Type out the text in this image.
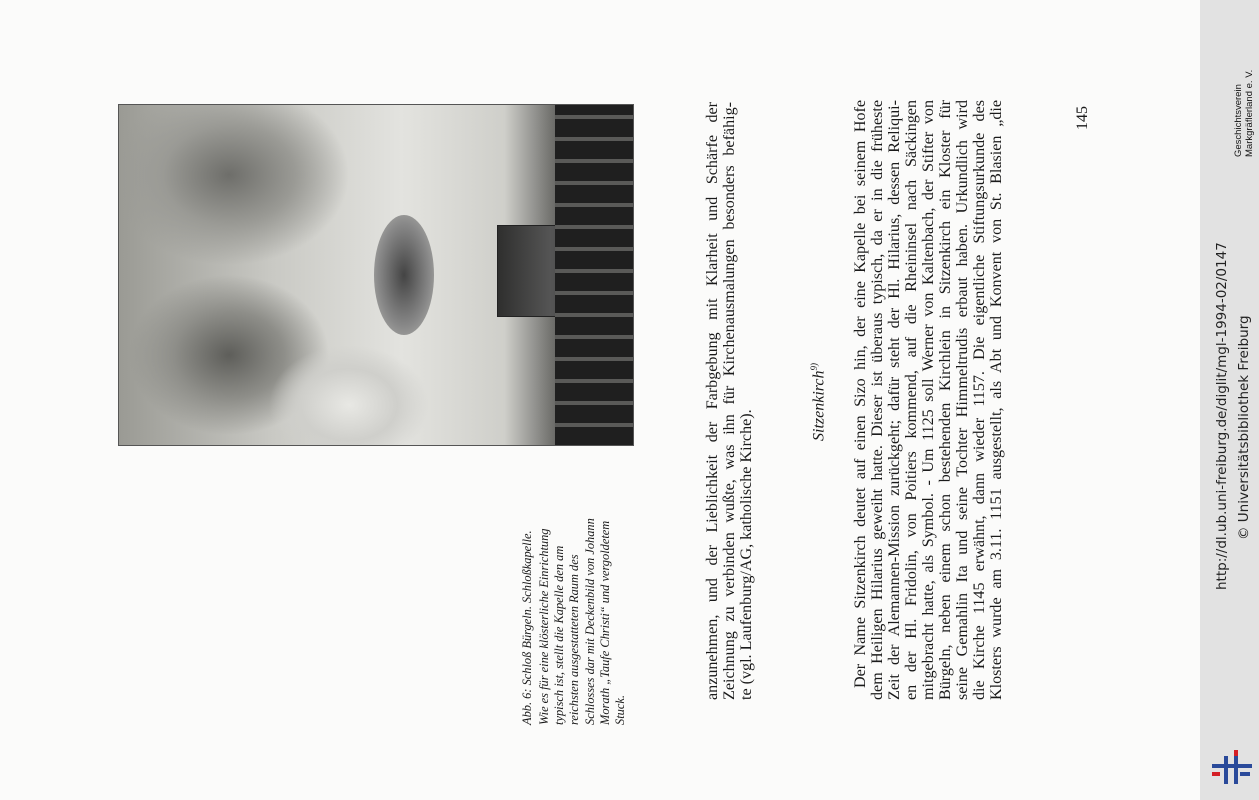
Abb. 6: Schloß Bürgeln. Schloßkapelle. Wie es für eine klösterliche Einrichtung typisch ist, stellt die Kapelle den am reichsten ausgestatteten Raum des Schlosses dar mit Deckenbild von Johann Morath „Taufe Christi“ und vergoldetem Stuck.
anzunehmen, und der Lieblichkeit der Farbgebung mit Klarheit und Schärfe der Zeichnung zu verbinden wußte, was ihn für Kirchenausmalungen besonders befähig- te (vgl. Laufenburg/AG, katholische Kirche).
Sitzenkirch$^{9)}$	Der Name Sitzenkirch deutet auf einen Sizo hin, der eine Kapelle bei seinem Hofe dem Heiligen Hilarius geweiht hatte. Dieser ist überaus typisch, da er in die früheste Zeit der Alemannen-Mission zurückgeht; dafür steht der Hl. Hilarius, dessen Reliqui- en der Hl. Fridolin, von Poitiers kommend, auf die Rheininsel nach Säckingen mitgebracht hatte, als Symbol. - Um 1125 soll Werner von Kaltenbach, der Stifter von Bürgeln, neben einem schon bestehenden Kirchlein in Sitzenkirch ein Kloster für seine Gemahlin Ita und seine Tochter Himmeltrudis erbaut haben. Urkundlich wird die Kirche 1145 erwähnt, dann wieder 1157. Die eigentliche Stiftungsurkunde des Klosters wurde am 3.11. 1151 ausgestellt, als Abt und Konvent von St. Blasien „die	145	Geschichtsverein Markgräflerland e. V.
http://dl.ub.uni-freiburg.de/diglit/mgl-1994-02/0147 © Universitätsbibliothek Freiburg
